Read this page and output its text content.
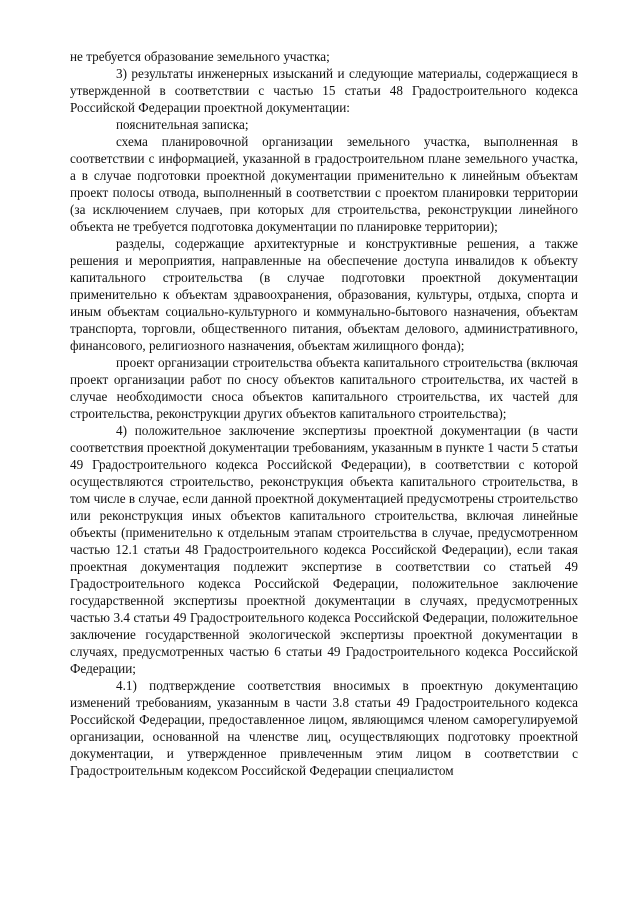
не требуется образование земельного участка;

3) результаты инженерных изысканий и следующие материалы, содержащиеся в утвержденной в соответствии с частью 15 статьи 48 Градостроительного кодекса Российской Федерации проектной документации:

пояснительная записка;

схема планировочной организации земельного участка, выполненная в соответствии с информацией, указанной в градостроительном плане земельного участка, а в случае подготовки проектной документации применительно к линейным объектам проект полосы отвода, выполненный в соответствии с проектом планировки территории (за исключением случаев, при которых для строительства, реконструкции линейного объекта не требуется подготовка документации по планировке территории);

разделы, содержащие архитектурные и конструктивные решения, а также решения и мероприятия, направленные на обеспечение доступа инвалидов к объекту капитального строительства (в случае подготовки проектной документации применительно к объектам здравоохранения, образования, культуры, отдыха, спорта и иным объектам социально-культурного и коммунально-бытового назначения, объектам транспорта, торговли, общественного питания, объектам делового, административного, финансового, религиозного назначения, объектам жилищного фонда);

проект организации строительства объекта капитального строительства (включая проект организации работ по сносу объектов капитального строительства, их частей в случае необходимости сноса объектов капитального строительства, их частей для строительства, реконструкции других объектов капитального строительства);

4) положительное заключение экспертизы проектной документации (в части соответствия проектной документации требованиям, указанным в пункте 1 части 5 статьи 49 Градостроительного кодекса Российской Федерации), в соответствии с которой осуществляются строительство, реконструкция объекта капитального строительства, в том числе в случае, если данной проектной документацией предусмотрены строительство или реконструкция иных объектов капитального строительства, включая линейные объекты (применительно к отдельным этапам строительства в случае, предусмотренном частью 12.1 статьи 48 Градостроительного кодекса Российской Федерации), если такая проектная документация подлежит экспертизе в соответствии со статьей 49 Градостроительного кодекса Российской Федерации, положительное заключение государственной экспертизы проектной документации в случаях, предусмотренных частью 3.4 статьи 49 Градостроительного кодекса Российской Федерации, положительное заключение государственной экологической экспертизы проектной документации в случаях, предусмотренных частью 6 статьи 49 Градостроительного кодекса Российской Федерации;

4.1) подтверждение соответствия вносимых в проектную документацию изменений требованиям, указанным в части 3.8 статьи 49 Градостроительного кодекса Российской Федерации, предоставленное лицом, являющимся членом саморегулируемой организации, основанной на членстве лиц, осуществляющих подготовку проектной документации, и утвержденное привлеченным этим лицом в соответствии с Градостроительным кодексом Российской Федерации специалистом
